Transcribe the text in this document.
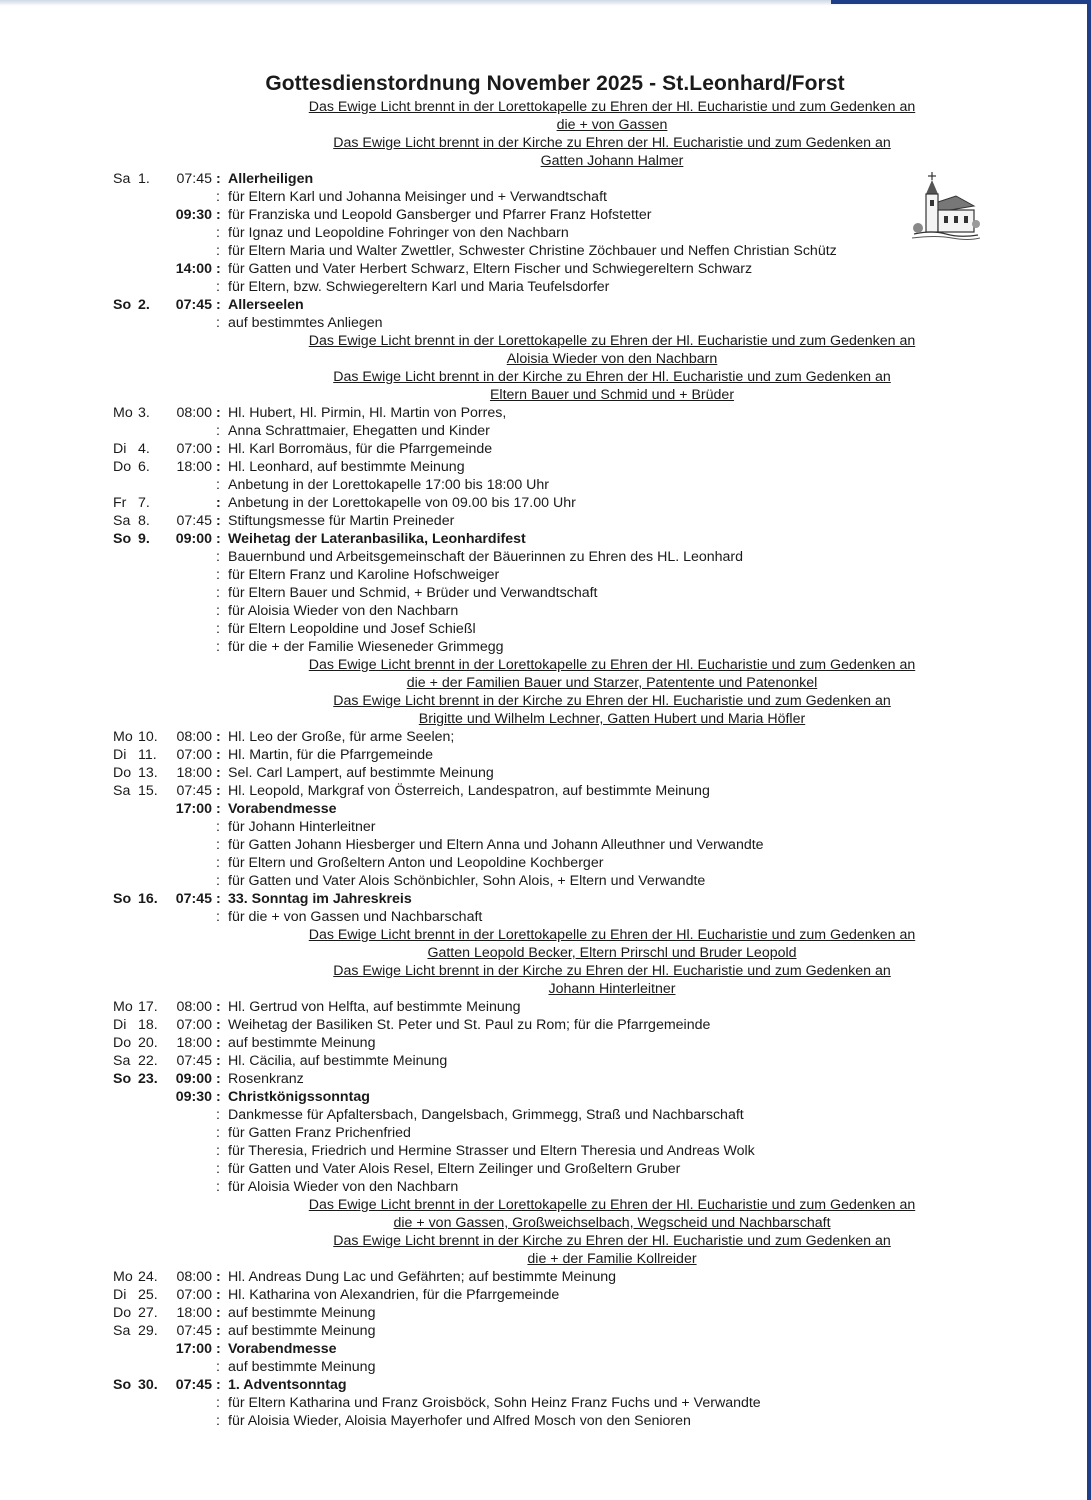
Gottesdienstordnung November 2025 - St.Leonhard/Forst
Das Ewige Licht brennt in der Lorettokapelle zu Ehren der Hl. Eucharistie und zum Gedenken an
die + von Gassen
Das Ewige Licht brennt in der Kirche zu Ehren der Hl. Eucharistie und zum Gedenken an
Gatten Johann Halmer
Sa 1. 07:45 : Allerheiligen
: für Eltern Karl und Johanna Meisinger und + Verwandtschaft
09:30 : für Franziska und Leopold Gansberger und Pfarrer Franz Hofstetter
: für Ignaz und Leopoldine Fohringer von den Nachbarn
: für Eltern Maria und Walter Zwettler, Schwester Christine Zöchbauer und Neffen Christian Schütz
14:00 : für Gatten und Vater Herbert Schwarz, Eltern Fischer und Schwiegereltern Schwarz
: für Eltern, bzw. Schwiegereltern Karl und Maria Teufelsdorfer
So 2. 07:45 : Allerseelen
: auf bestimmtes Anliegen
Das Ewige Licht brennt in der Lorettokapelle zu Ehren der Hl. Eucharistie und zum Gedenken an
Aloisia Wieder von den Nachbarn
Das Ewige Licht brennt in der Kirche zu Ehren der Hl. Eucharistie und zum Gedenken an
Eltern Bauer und Schmid und + Brüder
Mo 3. 08:00 : Hl. Hubert, Hl. Pirmin, Hl. Martin von Porres,
: Anna Schrattmaier, Ehegatten und Kinder
Di 4. 07:00 : Hl. Karl Borromäus, für die Pfarrgemeinde
Do 6. 18:00 : Hl. Leonhard, auf bestimmte Meinung
: Anbetung in der Lorettokapelle 17:00 bis 18:00 Uhr
Fr 7.	: Anbetung in der Lorettokapelle von 09.00 bis 17.00 Uhr
Sa 8. 07:45 : Stiftungsmesse für Martin Preineder
So 9. 09:00 : Weihetag der Lateranbasilika, Leonhardifest
: Bauernbund und Arbeitsgemeinschaft der Bäuerinnen zu Ehren des HL. Leonhard
: für Eltern Franz und Karoline Hofschweiger
: für Eltern Bauer und Schmid, + Brüder und Verwandtschaft
: für Aloisia Wieder von den Nachbarn
: für Eltern Leopoldine und Josef Schießl
: für die + der Familie Wieseneder Grimmegg
Das Ewige Licht brennt in der Lorettokapelle zu Ehren der Hl. Eucharistie und zum Gedenken an
die + der Familien Bauer und Starzer, Patentente und Patenonkel
Das Ewige Licht brennt in der Kirche zu Ehren der Hl. Eucharistie und zum Gedenken an
Brigitte und Wilhelm Lechner, Gatten Hubert und Maria Höfler
Mo 10. 08:00 : Hl. Leo der Große, für arme Seelen;
Di 11. 07:00 : Hl. Martin, für die Pfarrgemeinde
Do 13. 18:00 : Sel. Carl Lampert, auf bestimmte Meinung
Sa 15. 07:45 : Hl. Leopold, Markgraf von Österreich, Landespatron, auf bestimmte Meinung
17:00 : Vorabendmesse
: für Johann Hinterleitner
: für Gatten Johann Hiesberger und Eltern Anna und Johann Alleuthner und Verwandte
: für Eltern und Großeltern Anton und Leopoldine Kochberger
: für Gatten und Vater Alois Schönbichler, Sohn Alois, + Eltern und Verwandte
So 16. 07:45 : 33. Sonntag im Jahreskreis
: für die + von Gassen und Nachbarschaft
Das Ewige Licht brennt in der Lorettokapelle zu Ehren der Hl. Eucharistie und zum Gedenken an
Gatten Leopold Becker, Eltern Prirschl und Bruder Leopold
Das Ewige Licht brennt in der Kirche zu Ehren der Hl. Eucharistie und zum Gedenken an
Johann Hinterleitner
Mo 17. 08:00 : Hl. Gertrud von Helfta, auf bestimmte Meinung
Di 18. 07:00 : Weihetag der Basiliken St. Peter und St. Paul zu Rom; für die Pfarrgemeinde
Do 20. 18:00 : auf bestimmte Meinung
Sa 22. 07:45 : Hl. Cäcilia, auf bestimmte Meinung
So 23. 09:00 : Rosenkranz
09:30 : Christkönigssonntag
: Dankmesse für Apfaltersbach, Dangelsbach, Grimmegg, Straß und Nachbarschaft
: für Gatten Franz Prichenfried
: für Theresia, Friedrich und Hermine Strasser und Eltern Theresia und Andreas Wolk
: für Gatten und Vater Alois Resel, Eltern Zeilinger und Großeltern Gruber
: für Aloisia Wieder von den Nachbarn
Das Ewige Licht brennt in der Lorettokapelle zu Ehren der Hl. Eucharistie und zum Gedenken an
die + von Gassen, Großweichselbach, Wegscheid und Nachbarschaft
Das Ewige Licht brennt in der Kirche zu Ehren der Hl. Eucharistie und zum Gedenken an
die + der Familie Kollreider
Mo 24. 08:00 : Hl. Andreas Dung Lac und Gefährten; auf bestimmte Meinung
Di 25. 07:00 : Hl. Katharina von Alexandrien, für die Pfarrgemeinde
Do 27. 18:00 : auf bestimmte Meinung
Sa 29. 07:45 : auf bestimmte Meinung
17:00 : Vorabendmesse
: auf bestimmte Meinung
So 30. 07:45 : 1. Adventsonntag
: für Eltern Katharina und Franz Groisböck, Sohn Heinz Franz Fuchs und + Verwandte
: für Aloisia Wieder, Aloisia Mayerhofer und Alfred Mosch von den Senioren
